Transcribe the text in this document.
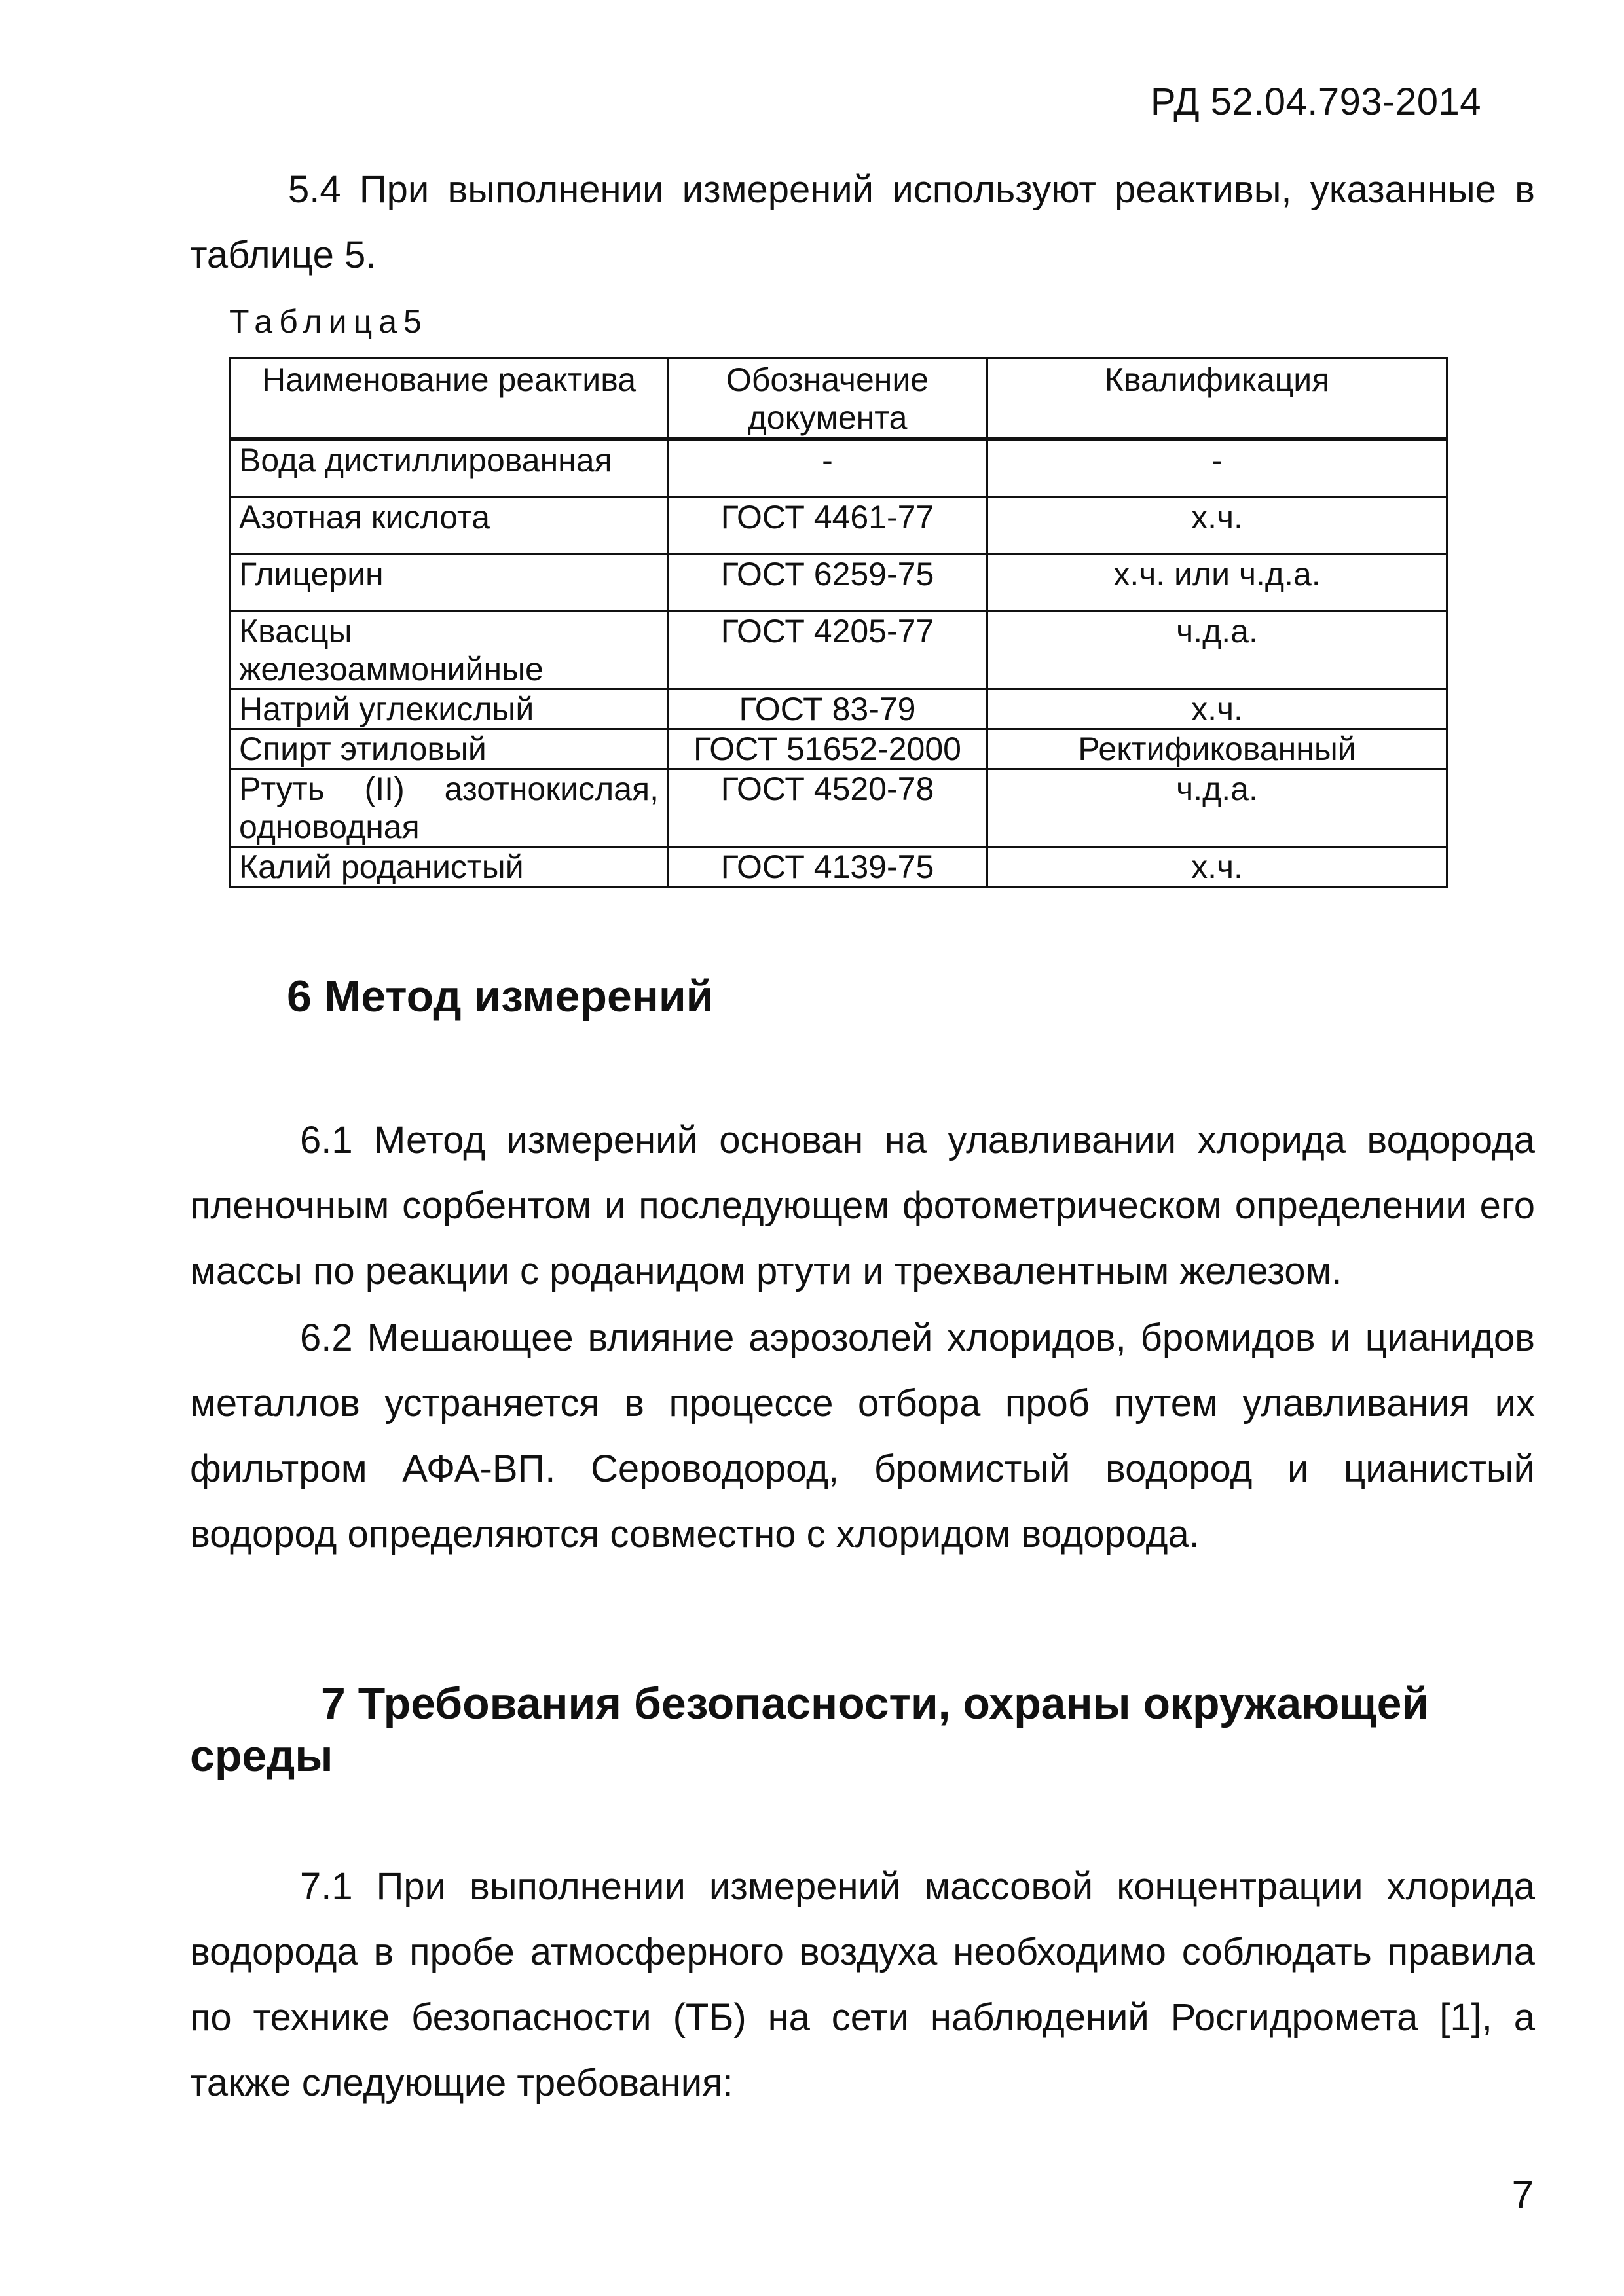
РД 52.04.793-2014
5.4 При выполнении измерений используют реактивы, указанные в таблице 5.
Таблица5
Наименование реактива	Обозначение документа	Квалификация
Вода дистиллированная	-	-
Азотная кислота	ГОСТ 4461-77	х.ч.
Глицерин	ГОСТ 6259-75	х.ч. или ч.д.а.
Квасцы железоаммонийные	ГОСТ 4205-77	ч.д.а.
Натрий углекислый	ГОСТ 83-79	х.ч.
Спирт этиловый	ГОСТ 51652-2000	Ректификованный
Ртуть (II) азотнокислая, одноводная	ГОСТ 4520-78	ч.д.а.
Калий роданистый	ГОСТ 4139-75	х.ч.
6 Метод измерений
6.1 Метод измерений основан на улавливании хлорида водорода пленочным сорбентом и последующем фотометрическом определении его массы по реакции с роданидом ртути и трехвалентным железом.
6.2 Мешающее влияние аэрозолей хлоридов, бромидов и цианидов металлов устраняется в процессе отбора проб путем улавливания их фильтром АФА-ВП. Сероводород, бромистый водород и цианистый водород определяются совместно с хлоридом водорода.
7 Требования безопасности, охраны окружающей
среды
7.1 При выполнении измерений массовой концентрации хлорида водорода в пробе атмосферного воздуха необходимо соблюдать правила по технике безопасности (ТБ) на сети наблюдений Росгидромета [1], а также следующие требования:
7
